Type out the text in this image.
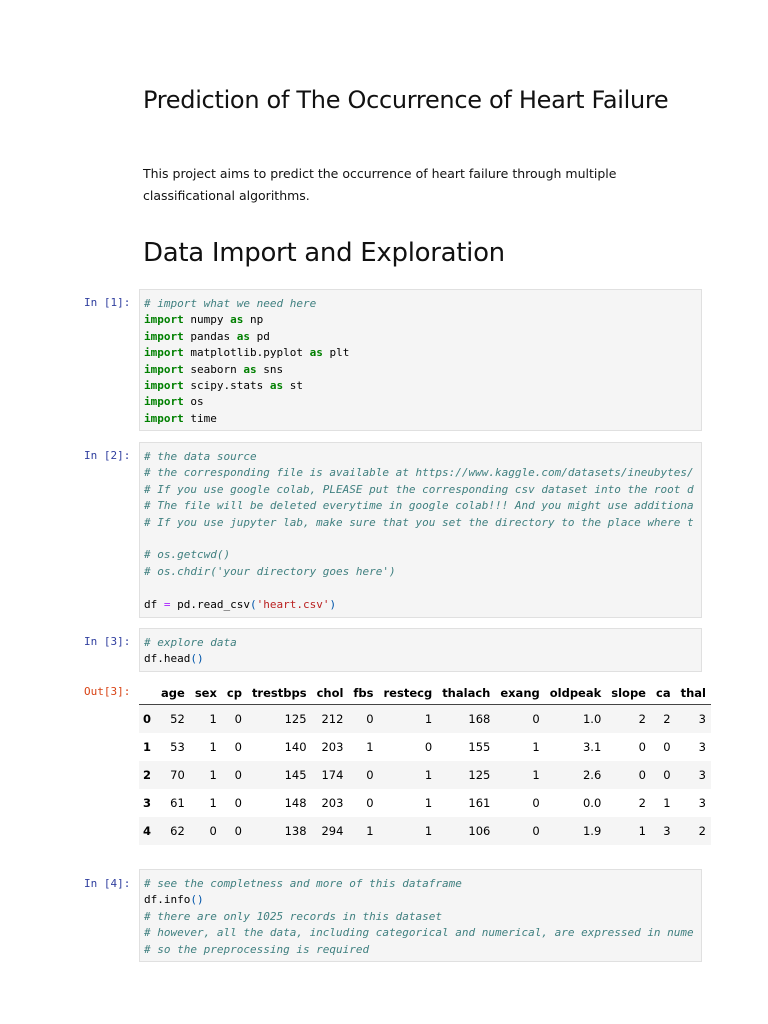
Prediction of The Occurrence of Heart Failure

This project aims to predict the occurrence of heart failure through multiple classificational algorithms.

Data Import and Exploration
In [1]:	# import what we need here
import numpy as np
import pandas as pd
import matplotlib.pyplot as plt
import seaborn as sns
import scipy.stats as st
import os
import time
In [2]:	# the data source
# the corresponding file is available at https://www.kaggle.com/datasets/ineubytes/
# If you use google colab, PLEASE put the corresponding csv dataset into the root d
# The file will be deleted everytime in google colab!!! And you might use additiona
# If you use jupyter lab, make sure that you set the directory to the place where t

# os.getcwd()
# os.chdir('your directory goes here')

df = pd.read_csv('heart.csv')
In [3]:	# explore data
df.head()
Out[3]:
		age	sex	cp	trestbps	chol	fbs	restecg	thalach	exang	oldpeak	slope	ca	thal
0	52	1	0	125	212	0	1	168	0	1.0	2	2	3
1	53	1	0	140	203	1	0	155	1	3.1	0	0	3
2	70	1	0	145	174	0	1	125	1	2.6	0	0	3
3	61	1	0	148	203	0	1	161	0	0.0	2	1	3
4	62	0	0	138	294	1	1	106	0	1.9	1	3	2
In [4]:	# see the completness and more of this dataframe
df.info()
# there are only 1025 records in this dataset
# however, all the data, including categorical and numerical, are expressed in nume
# so the preprocessing is required
